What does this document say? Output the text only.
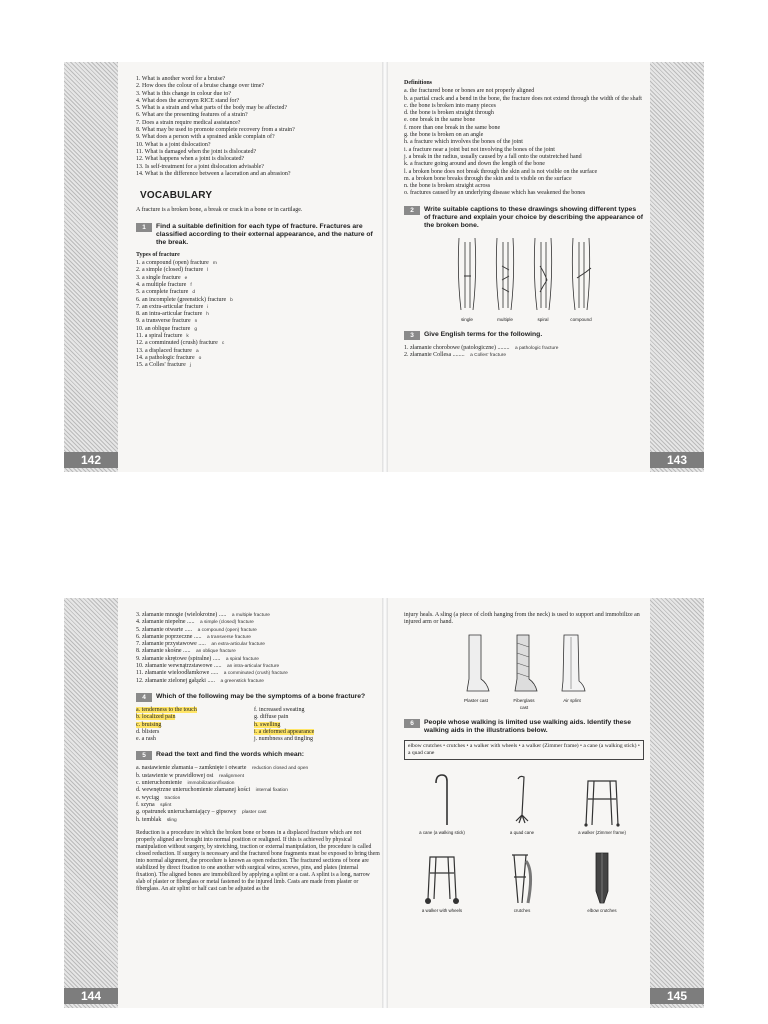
142	143
1. What is another word for a bruise?
2. How does the colour of a bruise change over time?
3. What is this change in colour due to?
4. What does the acronym RICE stand for?
5. What is a strain and what parts of the body may be affected?
6. What are the presenting features of a strain?
7. Does a strain require medical assistance?
8. What may be used to promote complete recovery from a strain?
9. What does a person with a sprained ankle complain of?
10. What is a joint dislocation?
11. What is damaged when the joint is dislocated?
12. What happens when a joint is dislocated?
13. Is self-treatment for a joint dislocation advisable?
14. What is the difference between a laceration and an abrasion?
VOCABULARY

A fracture is a broken bone, a break or crack in a bone or in cartilage.

1	Find a suitable definition for each type of fracture. Fractures are classified according to their external appearance, and the nature of the break.
Types of fracture
1. a compound (open) fracture m
2. a simple (closed) fracture l
3. a single fracture e
4. a multiple fracture f
5. a complete fracture d
6. an incomplete (greenstick) fracture b
7. an extra-articular fracture i
8. an intra-articular fracture h
9. a transverse fracture n
10. an oblique fracture g
11. a spiral fracture k
12. a comminuted (crush) fracture c
13. a displaced fracture a
14. a pathologic fracture o
15. a Colles' fracture j
Definitions
a. the fractured bone or bones are not properly aligned
b. a partial crack and a bend in the bone, the fracture does not extend through the width of the shaft
c. the bone is broken into many pieces
d. the bone is broken straight through
e. one break in the same bone
f. more than one break in the same bone
g. the bone is broken on an angle
h. a fracture which involves the bones of the joint
i. a fracture near a joint but not involving the bones of the joint
j. a break in the radius, usually caused by a fall onto the outstretched hand
k. a fracture going around and down the length of the bone
l. a broken bone does not break through the skin and is not visible on the surface
m. a broken bone breaks through the skin and is visible on the surface
n. the bone is broken straight across
o. fractures caused by an underlying disease which has weakened the bones
2	Write suitable captions to these drawings showing different types of fracture and explain your choice by describing the appearance of the broken bone.
single	multiple	spiral	compound
3	Give English terms for the following.
1. złamanie chorobowe (patologiczne) ........ a pathologic fracture
2. złamanie Collesa ........ a Colles' fracture
144	145
3. złamanie mnogie (wielokrotne) ..... a multiple fracture
4. złamanie niepełne ..... a simple (closed) fracture
5. złamanie otwarte ..... a compound (open) fracture
6. złamanie poprzeczne ..... a transverse fracture
7. złamanie przystawowe ..... an extra-articular fracture
8. złamanie skośne ..... an oblique fracture
9. złamanie skrętowe (spiralne) ..... a spiral fracture
10. złamanie wewnątrzstawowe ..... an intra-articular fracture
11. złamanie wieloodłamkowe ..... a comminuted (crush) fracture
12. złamanie zielonej gałązki ..... a greenstick fracture
4	Which of the following may be the symptoms of a bone fracture?
a. tenderness to the touch
b. localized pain
c. bruising
d. blisters
e. a rash
f. increased sweating
g. diffuse pain
h. swelling
i. a deformed appearance
j. numbness and tingling
5	Read the text and find the words which mean:
a. nastawienie złamania – zamknięte i otwarte reduction closed and open
b. ustawienie w prawidłowej osi realignment
c. unieruchomienie immobilization/fixation
d. wewnętrzne unieruchomienie złamanej kości internal fixation
e. wyciąg traction
f. szyna splint
g. opatrunek unieruchamiający – gipsowy plaster cast
h. temblak sling

Reduction is a procedure in which the broken bone or bones in a displaced fracture which are not properly aligned are brought into normal position or realigned. If this is achieved by physical manipulation without surgery, by stretching, traction or external manipulation, the procedure is called closed reduction. If surgery is necessary and the fractured bone fragments must be exposed to bring them into normal alignment, the procedure is known as open reduction. The fractured sections of bone are stabilized by direct fixation to one another with surgical wires, screws, pins, and plates (internal fixation). The aligned bones are immobilized by applying a splint or a cast. A splint is a long, narrow slab of plaster or fiberglass or metal fastened to the injured limb. Casts are made from plaster or fiberglass. An air splint or half cast can be adjusted as the

injury heals. A sling (a piece of cloth hanging from the neck) is used to support and immobilize an injured arm or hand.

Plaster cast	Fiberglass cast
Air splint
6	People whose walking is limited use walking aids. Identify these walking aids in the illustrations below.
elbow crutches • crutches • a walker with wheels • a walker (Zimmer frame) • a cane (a walking stick) • a quad cane
a cane (a walking stick)	a quad cane	a walker (Zimmer frame)
a walker with wheels	crutches	elbow crutches
